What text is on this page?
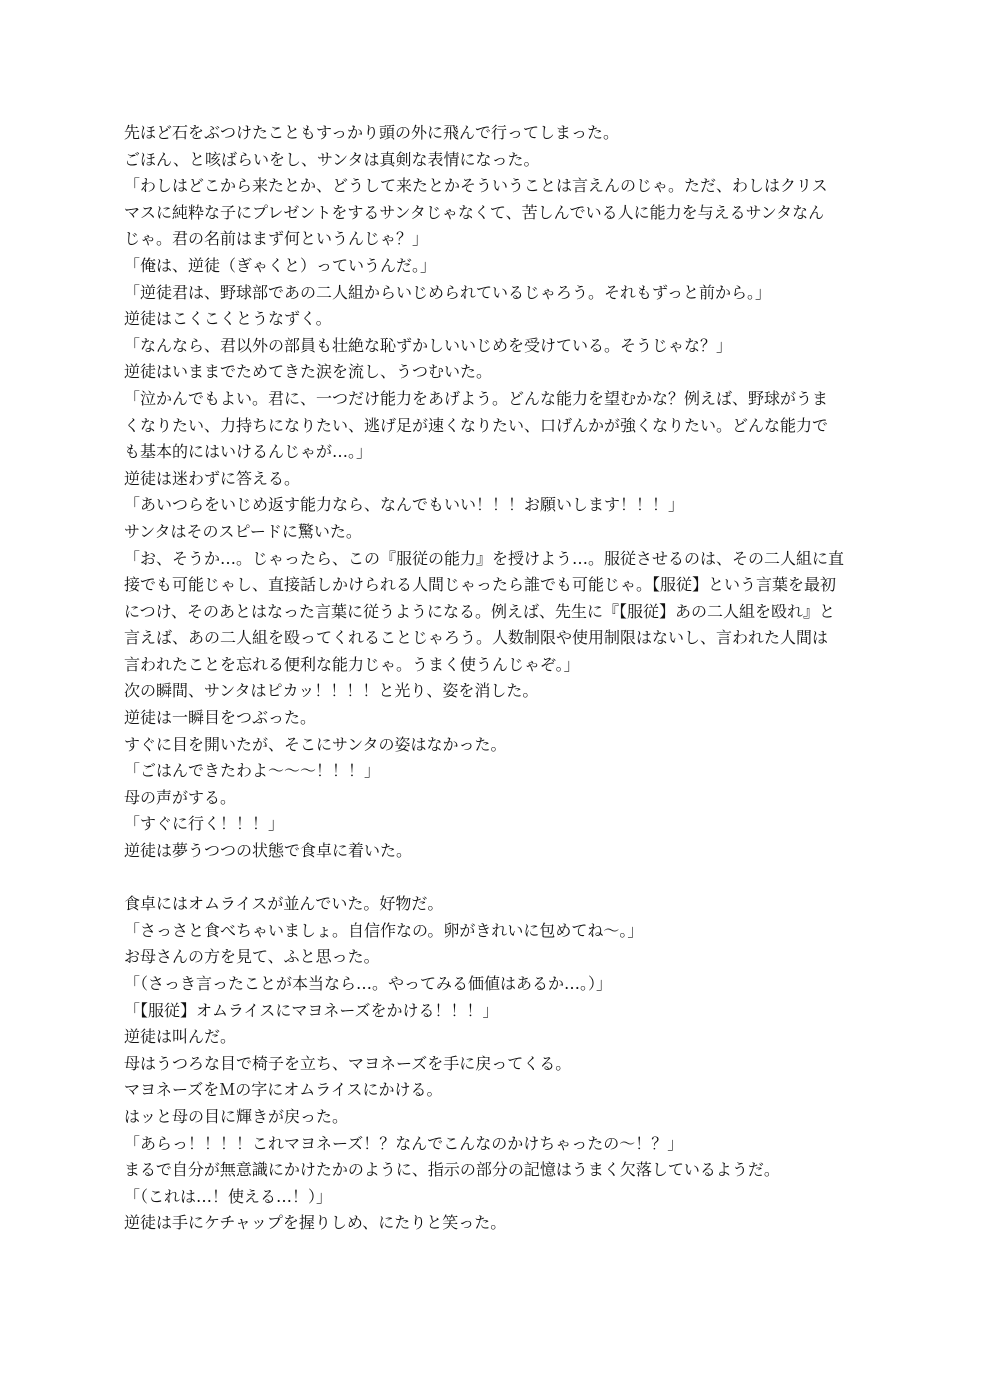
先ほど石をぶつけたこともすっかり頭の外に飛んで行ってしまった。

ごほん、と咳ばらいをし、サンタは真剣な表情になった。

「わしはどこから来たとか、どうして来たとかそういうことは言えんのじゃ。ただ、わしはクリス

マスに純粋な子にプレゼントをするサンタじゃなくて、苦しんでいる人に能力を与えるサンタなん

じゃ。君の名前はまず何というんじゃ？」

「俺は、逆徒（ぎゃくと）っていうんだ。」

「逆徒君は、野球部であの二人組からいじめられているじゃろう。それもずっと前から。」

逆徒はこくこくとうなずく。

「なんなら、君以外の部員も壮絶な恥ずかしいいじめを受けている。そうじゃな？」

逆徒はいままでためてきた涙を流し、うつむいた。

「泣かんでもよい。君に、一つだけ能力をあげよう。どんな能力を望むかな？例えば、野球がうま

くなりたい、力持ちになりたい、逃げ足が速くなりたい、口げんかが強くなりたい。どんな能力で

も基本的にはいけるんじゃが…。」

逆徒は迷わずに答える。

「あいつらをいじめ返す能力なら、なんでもいい！！！お願いします！！！」

サンタはそのスピードに驚いた。

「お、そうか…。じゃったら、この『服従の能力』を授けよう…。服従させるのは、その二人組に直

接でも可能じゃし、直接話しかけられる人間じゃったら誰でも可能じゃ。【服従】という言葉を最初

につけ、そのあとはなった言葉に従うようになる。例えば、先生に『【服従】あの二人組を殴れ』と

言えば、あの二人組を殴ってくれることじゃろう。人数制限や使用制限はないし、言われた人間は

言われたことを忘れる便利な能力じゃ。うまく使うんじゃぞ。」

次の瞬間、サンタはピカッ！！！！と光り、姿を消した。

逆徒は一瞬目をつぶった。

すぐに目を開いたが、そこにサンタの姿はなかった。

「ごはんできたわよ～～～！！！」

母の声がする。

「すぐに行く！！！」

逆徒は夢うつつの状態で食卓に着いた。

食卓にはオムライスが並んでいた。好物だ。

「さっさと食べちゃいましょ。自信作なの。卵がきれいに包めてね～。」

お母さんの方を見て、ふと思った。

「（さっき言ったことが本当なら…。やってみる価値はあるか…。）」

「【服従】オムライスにマヨネーズをかける！！！」

逆徒は叫んだ。

母はうつろな目で椅子を立ち、マヨネーズを手に戻ってくる。

マヨネーズをＭの字にオムライスにかける。

はッと母の目に輝きが戻った。

「あらっ！！！！これマヨネーズ！？なんでこんなのかけちゃったの～！？」

まるで自分が無意識にかけたかのように、指示の部分の記憶はうまく欠落しているようだ。

「（これは…！使える…！）」

逆徒は手にケチャップを握りしめ、にたりと笑った。
